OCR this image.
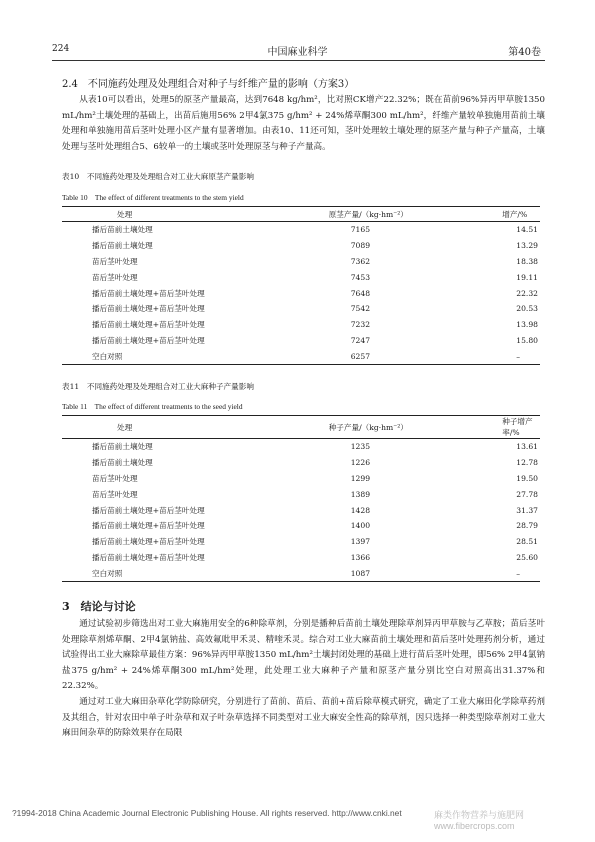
224	中国麻业科学	第40卷
2.4　不同施药处理及处理组合对种子与纤维产量的影响（方案3）

从表10可以看出，处理5的原茎产量最高，达到7648 kg/hm²，比对照CK增产22.32%；既在苗前96%异丙甲草胺1350 mL/hm²土壤处理的基础上，出苗后施用56% 2甲4氯375 g/hm² + 24%烯草酮300 mL/hm²，纤维产量较单独施用苗前土壤处理和单独施用苗后茎叶处理小区产量有显著增加。由表10、11还可知，茎叶处理较土壤处理的原茎产量与种子产量高，土壤处理与茎叶处理组合5、6较单一的土壤或茎叶处理原茎与种子产量高。

表10　不同施药处理及处理组合对工业大麻原茎产量影响
Table 10　The effect of different treatments to the stem yield
处理	原茎产量/（kg·hm⁻²）	增产/%
播后苗前土壤处理	7165	14.51
播后苗前土壤处理	7089	13.29
苗后茎叶处理	7362	18.38
苗后茎叶处理	7453	19.11
播后苗前土壤处理+苗后茎叶处理	7648	22.32
播后苗前土壤处理+苗后茎叶处理	7542	20.53
播后苗前土壤处理+苗后茎叶处理	7232	13.98
播后苗前土壤处理+苗后茎叶处理	7247	15.80
空白对照	6257	–
表11　不同施药处理及处理组合对工业大麻种子产量影响
Table 11　The effect of different treatments to the seed yield
处理	种子产量/（kg·hm⁻²）	种子增产率/%
播后苗前土壤处理	1235	13.61
播后苗前土壤处理	1226	12.78
苗后茎叶处理	1299	19.50
苗后茎叶处理	1389	27.78
播后苗前土壤处理+苗后茎叶处理	1428	31.37
播后苗前土壤处理+苗后茎叶处理	1400	28.79
播后苗前土壤处理+苗后茎叶处理	1397	28.51
播后苗前土壤处理+苗后茎叶处理	1366	25.60
空白对照	1087	–
3　结论与讨论

通过试验初步筛选出对工业大麻施用安全的6种除草剂，分别是播种后苗前土壤处理除草剂异丙甲草胺与乙草胺；苗后茎叶处理除草剂烯草酮、2甲4氯钠盐、高效氟吡甲禾灵、精喹禾灵。综合对工业大麻苗前土壤处理和苗后茎叶处理药剂分析，通过试验得出工业大麻除草最佳方案：96%异丙甲草胺1350 mL/hm²土壤封闭处理的基础上进行苗后茎叶处理，即56% 2甲4氯钠盐375 g/hm² + 24%烯草酮300 mL/hm²处理，此处理工业大麻种子产量和原茎产量分别比空白对照高出31.37%和22.32%。

通过对工业大麻田杂草化学防除研究，分别进行了苗前、苗后、苗前+苗后除草模式研究，确定了工业大麻田化学除草药剂及其组合，针对农田中单子叶杂草和双子叶杂草选择不同类型对工业大麻安全性高的除草剂，因只选择一种类型除草剂对工业大麻田间杂草的防除效果存在局限

?1994-2018 China Academic Journal Electronic Publishing House. All rights reserved. http://www.cnki.net	麻类作物营养与施肥网 www.fibercrops.com
